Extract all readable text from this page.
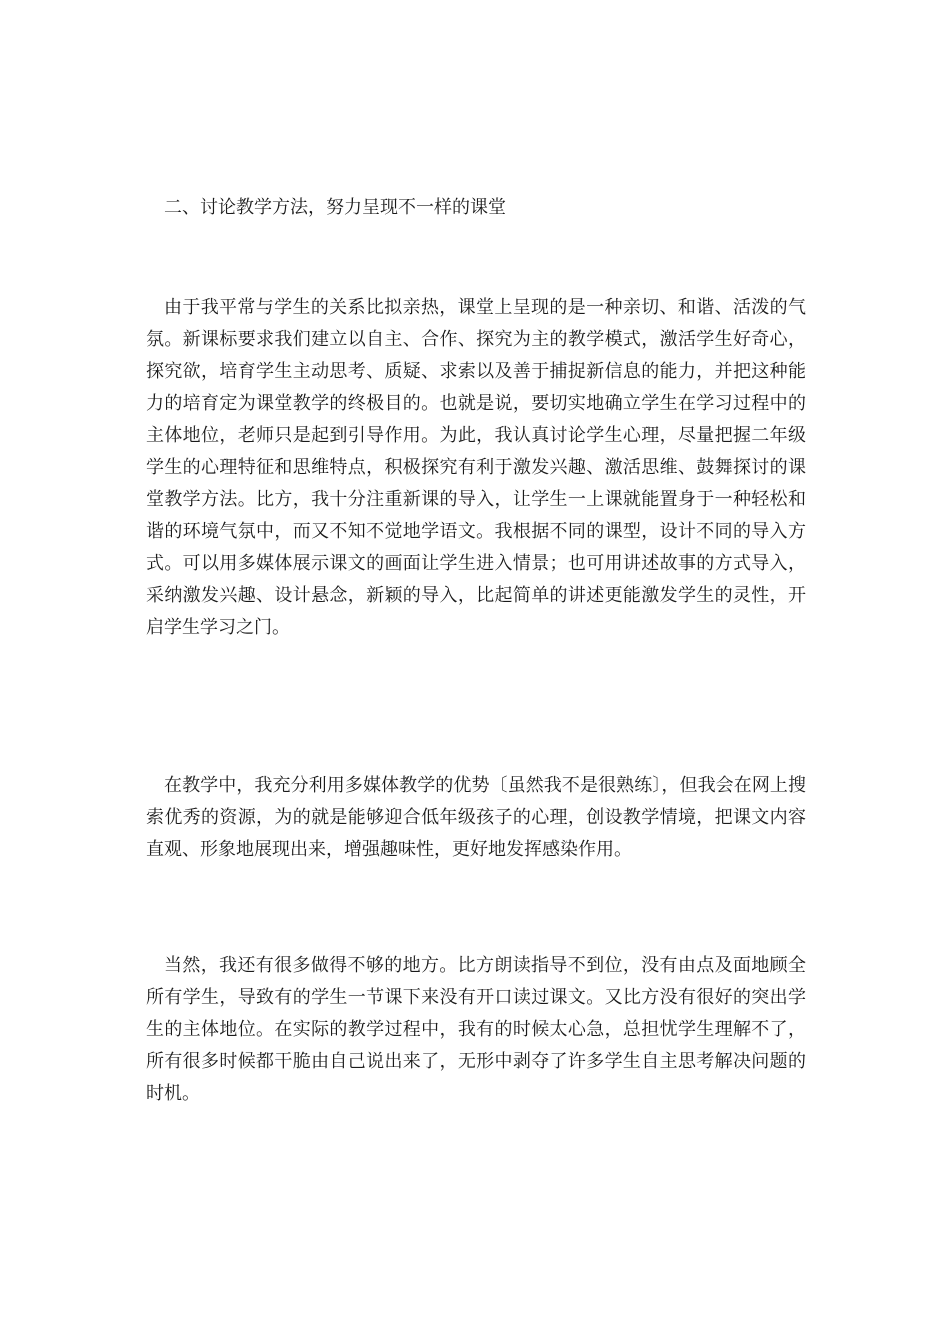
二、讨论教学方法，努力呈现不一样的课堂

由于我平常与学生的关系比拟亲热，课堂上呈现的是一种亲切、和谐、活泼的气氛。新课标要求我们建立以自主、合作、探究为主的教学模式，激活学生好奇心，探究欲，培育学生主动思考、质疑、求索以及善于捕捉新信息的能力，并把这种能力的培育定为课堂教学的终极目的。也就是说，要切实地确立学生在学习过程中的主体地位，老师只是起到引导作用。为此，我认真讨论学生心理，尽量把握二年级学生的心理特征和思维特点，积极探究有利于激发兴趣、激活思维、鼓舞探讨的课堂教学方法。比方，我十分注重新课的导入，让学生一上课就能置身于一种轻松和谐的环境气氛中，而又不知不觉地学语文。我根据不同的课型，设计不同的导入方式。可以用多媒体展示课文的画面让学生进入情景；也可用讲述故事的方式导入，采纳激发兴趣、设计悬念，新颖的导入，比起简单的讲述更能激发学生的灵性，开启学生学习之门。

在教学中，我充分利用多媒体教学的优势〔虽然我不是很熟练〕，但我会在网上搜索优秀的资源，为的就是能够迎合低年级孩子的心理，创设教学情境，把课文内容直观、形象地展现出来，增强趣味性，更好地发挥感染作用。

当然，我还有很多做得不够的地方。比方朗读指导不到位，没有由点及面地顾全所有学生，导致有的学生一节课下来没有开口读过课文。又比方没有很好的突出学生的主体地位。在实际的教学过程中，我有的时候太心急，总担忧学生理解不了，所有很多时候都干脆由自己说出来了，无形中剥夺了许多学生自主思考解决问题的时机。
